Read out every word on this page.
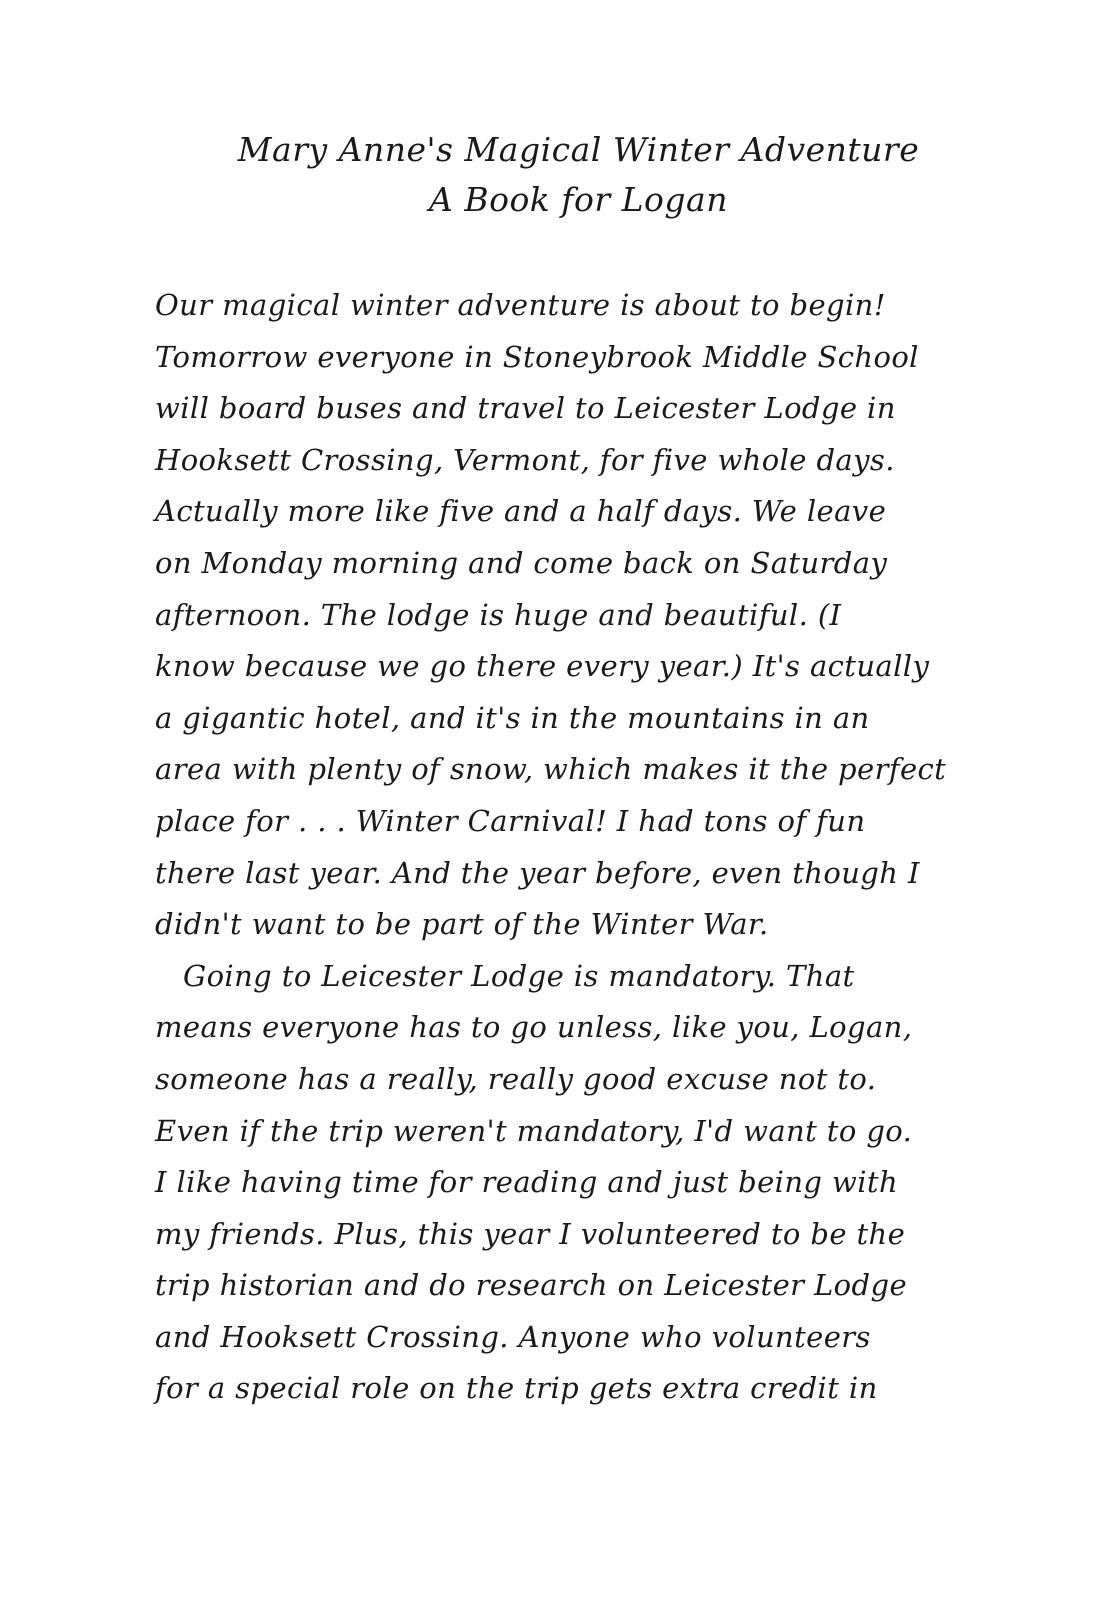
Mary Anne's Magical Winter Adventure
A Book for Logan
Our magical winter adventure is about to begin!
Tomorrow everyone in Stoneybrook Middle School
will board buses and travel to Leicester Lodge in
Hooksett Crossing, Vermont, for five whole days.
Actually more like five and a half days. We leave
on Monday morning and come back on Saturday
afternoon. The lodge is huge and beautiful. (I
know because we go there every year.) It's actually
a gigantic hotel, and it's in the mountains in an
area with plenty of snow, which makes it the perfect
place for . . . Winter Carnival! I had tons of fun
there last year. And the year before, even though I
didn't want to be part of the Winter War.
Going to Leicester Lodge is mandatory. That
means everyone has to go unless, like you, Logan,
someone has a really, really good excuse not to.
Even if the trip weren't mandatory, I'd want to go.
I like having time for reading and just being with
my friends. Plus, this year I volunteered to be the
trip historian and do research on Leicester Lodge
and Hooksett Crossing. Anyone who volunteers
for a special role on the trip gets extra credit in
